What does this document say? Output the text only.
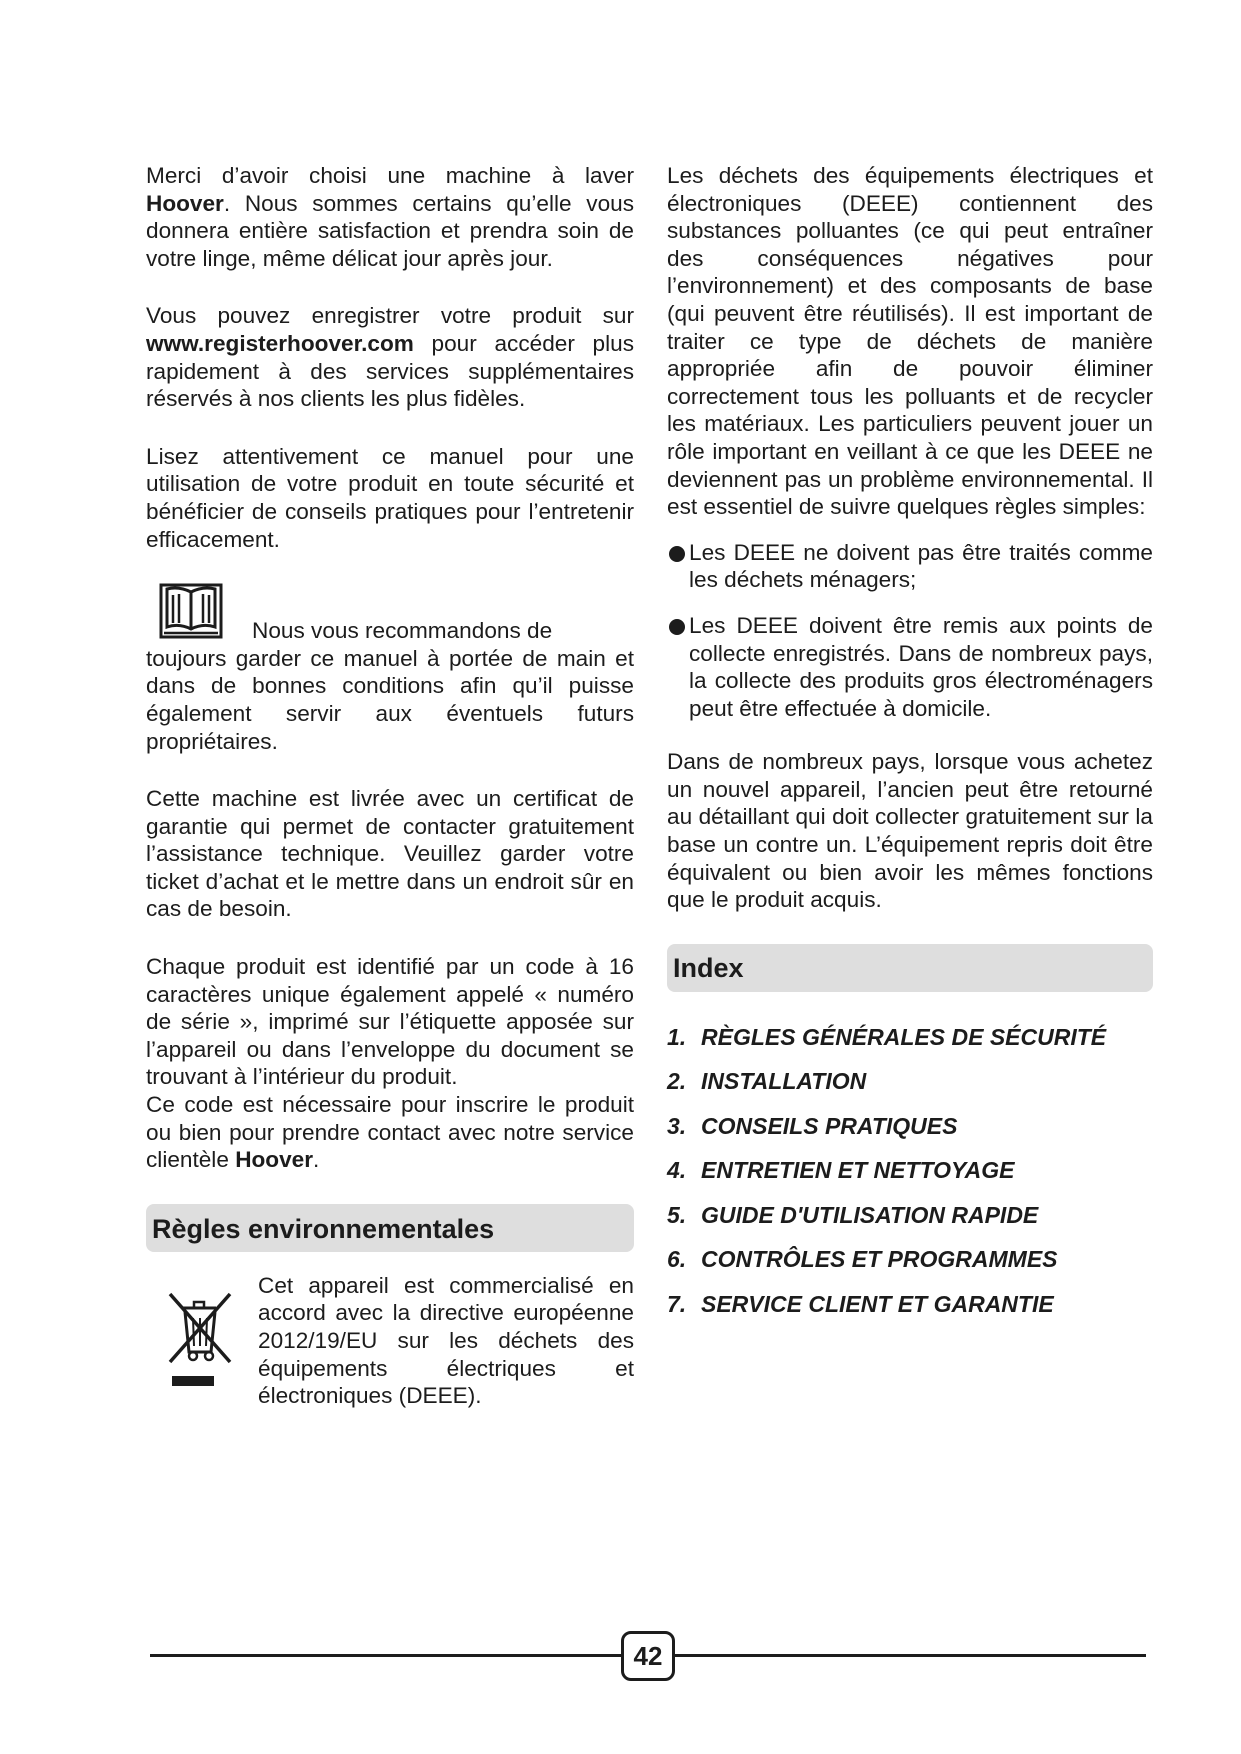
Merci d’avoir choisi une machine à laver Hoover. Nous sommes certains qu’elle vous donnera entière satisfaction et prendra soin de votre linge, même délicat jour après jour.

Vous pouvez enregistrer votre produit sur www.registerhoover.com pour accéder plus rapidement à des services supplémentaires réservés à nos clients les plus fidèles.

Lisez attentivement ce manuel pour une utilisation de votre produit en toute sécurité et bénéficier de conseils pratiques pour l’entretenir efficacement.

Nous vous recommandons de
toujours garder ce manuel à portée de main et dans de bonnes conditions afin qu’il puisse également servir aux éventuels futurs propriétaires.

Cette machine est livrée avec un certificat de garantie qui permet de contacter gratuitement l’assistance technique. Veuillez garder votre ticket d’achat et le mettre dans un endroit sûr en cas de besoin.

Chaque produit est identifié par un code à 16 caractères unique également appelé « numéro de série », imprimé sur l’étiquette apposée sur l’appareil ou dans l’enveloppe du document se trouvant à l’intérieur du produit.

Ce code est nécessaire pour inscrire le produit ou bien pour prendre contact avec notre service clientèle Hoover.

Règles environnementales
Cet appareil est commercialisé en accord avec la directive européenne 2012/19/EU sur les déchets des équipements électriques et électroniques (DEEE).

Les déchets des équipements électriques et électroniques (DEEE) contiennent des substances polluantes (ce qui peut entraîner des conséquences négatives pour l’environnement) et des composants de base (qui peuvent être réutilisés). Il est important de traiter ce type de déchets de manière appropriée afin de pouvoir éliminer correctement tous les polluants et de recycler les matériaux. Les particuliers peuvent jouer un rôle important en veillant à ce que les DEEE ne deviennent pas un problème environnemental. Il est essentiel de suivre quelques règles simples:

Les DEEE ne doivent pas être traités comme les déchets ménagers;
Les DEEE doivent être remis aux points de collecte enregistrés. Dans de nombreux pays, la collecte des produits gros électroménagers peut être effectuée à domicile.

Dans de nombreux pays, lorsque vous achetez un nouvel appareil, l’ancien peut être retourné au détaillant qui doit collecter gratuitement sur la base un contre un. L’équipement repris doit être équivalent ou bien avoir les mêmes fonctions que le produit acquis.

Index
1. RÈGLES GÉNÉRALES DE SÉCURITÉ
2. INSTALLATION
3. CONSEILS PRATIQUES
4. ENTRETIEN ET NETTOYAGE
5. GUIDE D'UTILISATION RAPIDE
6. CONTRÔLES ET PROGRAMMES
7. SERVICE CLIENT ET GARANTIE
42
